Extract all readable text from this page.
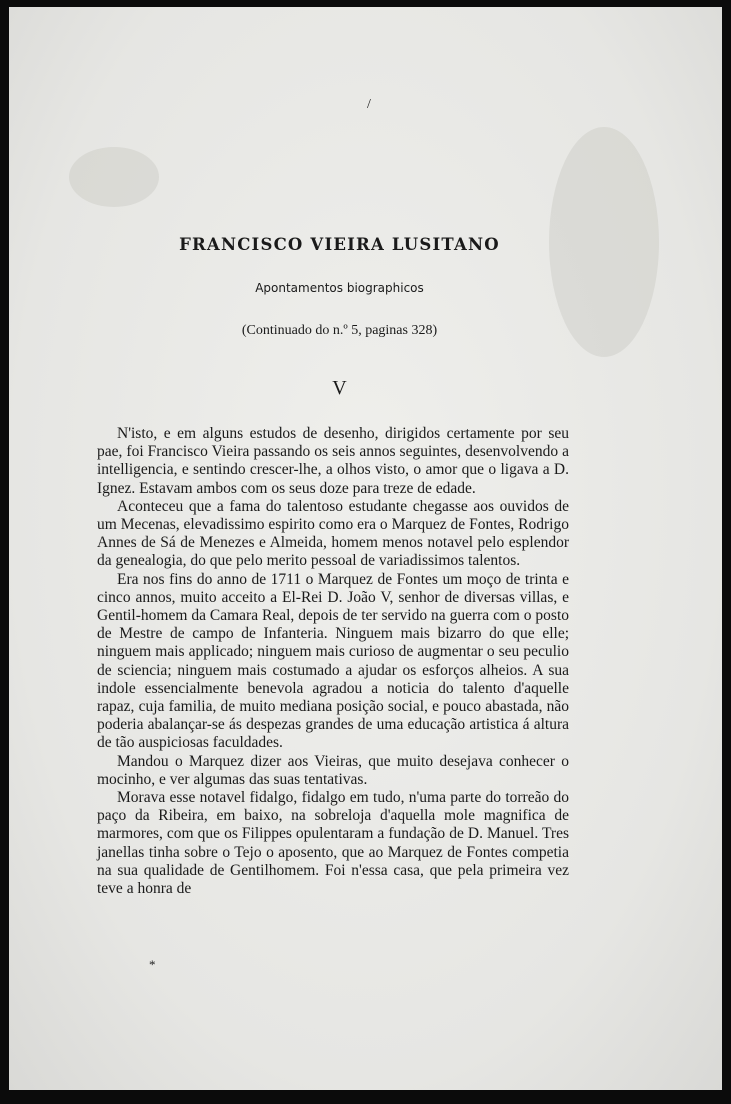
/
FRANCISCO VIEIRA LUSITANO
Apontamentos biographicos
(Continuado do n.º 5, paginas 328)
V

N'isto, e em alguns estudos de desenho, dirigidos certamente por seu pae, foi Francisco Vieira passando os seis annos seguintes, desenvolvendo a intelligencia, e sentindo crescer-lhe, a olhos visto, o amor que o ligava a D. Ignez. Estavam ambos com os seus doze para treze de edade.

Aconteceu que a fama do talentoso estudante chegasse aos ouvidos de um Mecenas, elevadissimo espirito como era o Marquez de Fontes, Rodrigo Annes de Sá de Menezes e Almeida, homem menos notavel pelo esplendor da genealogia, do que pelo merito pessoal de variadissimos talentos.

Era nos fins do anno de 1711 o Marquez de Fontes um moço de trinta e cinco annos, muito acceito a El-Rei D. João V, senhor de diversas villas, e Gentil-homem da Camara Real, depois de ter servido na guerra com o posto de Mestre de campo de Infanteria. Ninguem mais bizarro do que elle; ninguem mais applicado; ninguem mais curioso de augmentar o seu peculio de sciencia; ninguem mais costumado a ajudar os esforços alheios. A sua indole essencialmente benevola agradou a noticia do talento d'aquelle rapaz, cuja familia, de muito mediana posição social, e pouco abastada, não poderia abalançar-se ás despezas grandes de uma educação artistica á altura de tão auspiciosas faculdades.

Mandou o Marquez dizer aos Vieiras, que muito desejava conhecer o mocinho, e ver algumas das suas tentativas.

Morava esse notavel fidalgo, fidalgo em tudo, n'uma parte do torreão do paço da Ribeira, em baixo, na sobreloja d'aquella mole magnifica de marmores, com que os Filippes opulentaram a fundação de D. Manuel. Tres janellas tinha sobre o Tejo o aposento, que ao Marquez de Fontes competia na sua qualidade de Gentilhomem. Foi n'essa casa, que pela primeira vez teve a honra de

*
